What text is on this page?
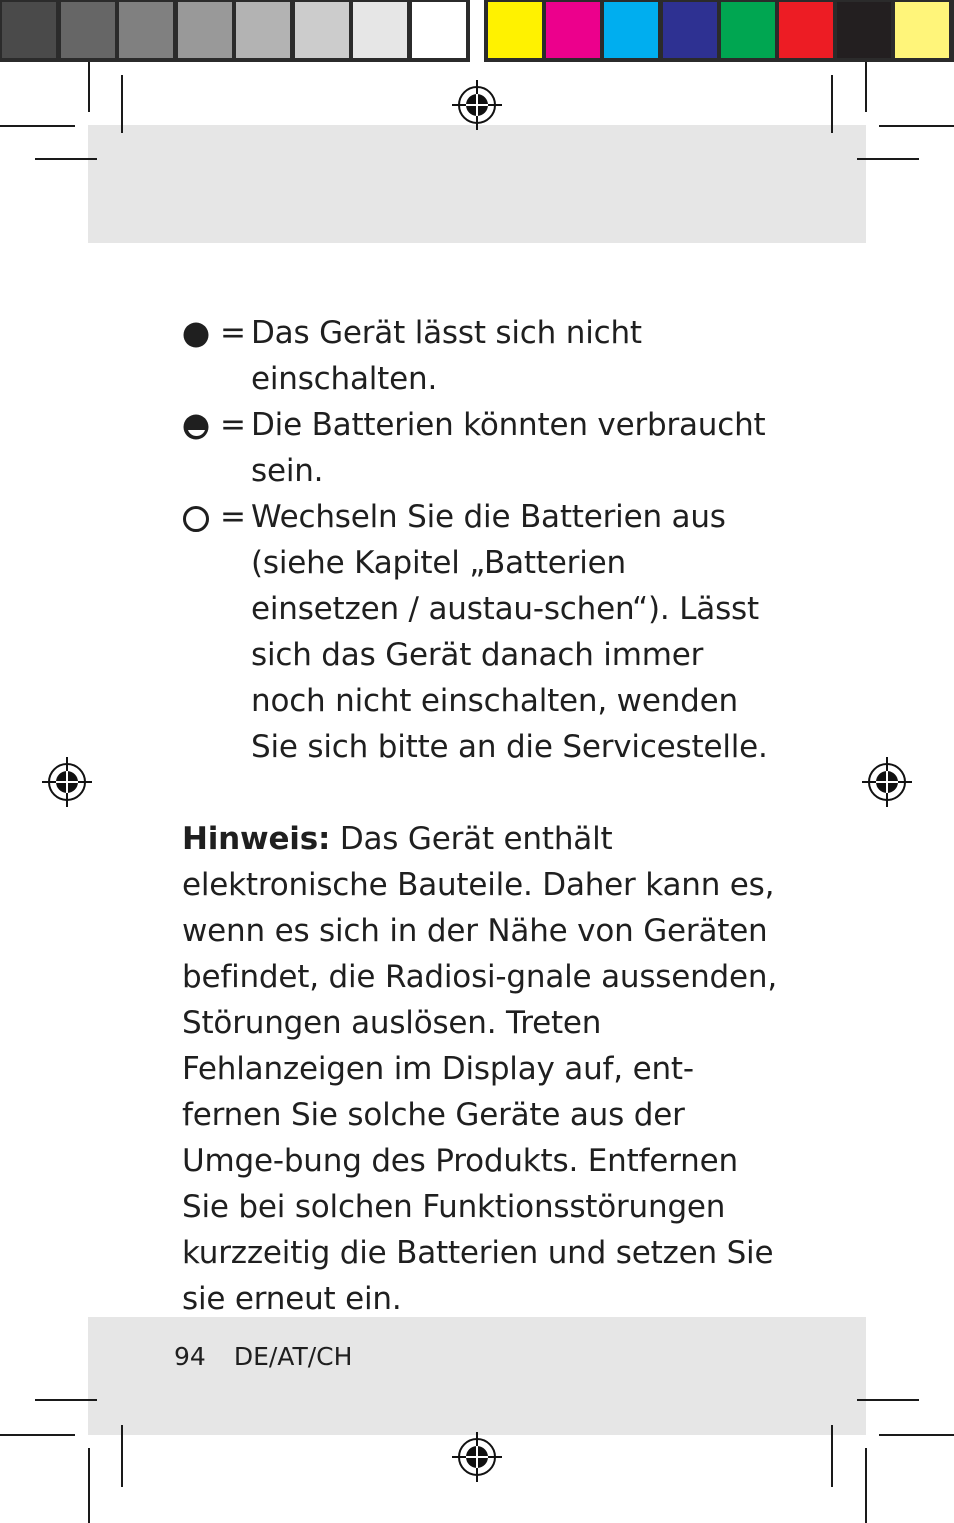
= Das Gerät lässt sich nicht einschalten.
= Die Batterien könnten verbraucht sein.
= Wechseln Sie die Batterien aus (siehe Kapitel „Batterien einsetzen / austau-schen“). Lässt sich das Gerät danach immer noch nicht einschalten, wenden Sie sich bitte an die Servicestelle.
Hinweis: Das Gerät enthält elektronische Bauteile. Daher kann es, wenn es sich in der Nähe von Geräten befindet, die Radiosi-gnale aussenden, Störungen auslösen. Treten Fehlanzeigen im Display auf, ent-fernen Sie solche Geräte aus der Umge-bung des Produkts. Entfernen Sie bei solchen Funktionsstörungen kurzzeitig die Batterien und setzen Sie sie erneut ein.
94 DE/AT/CH
